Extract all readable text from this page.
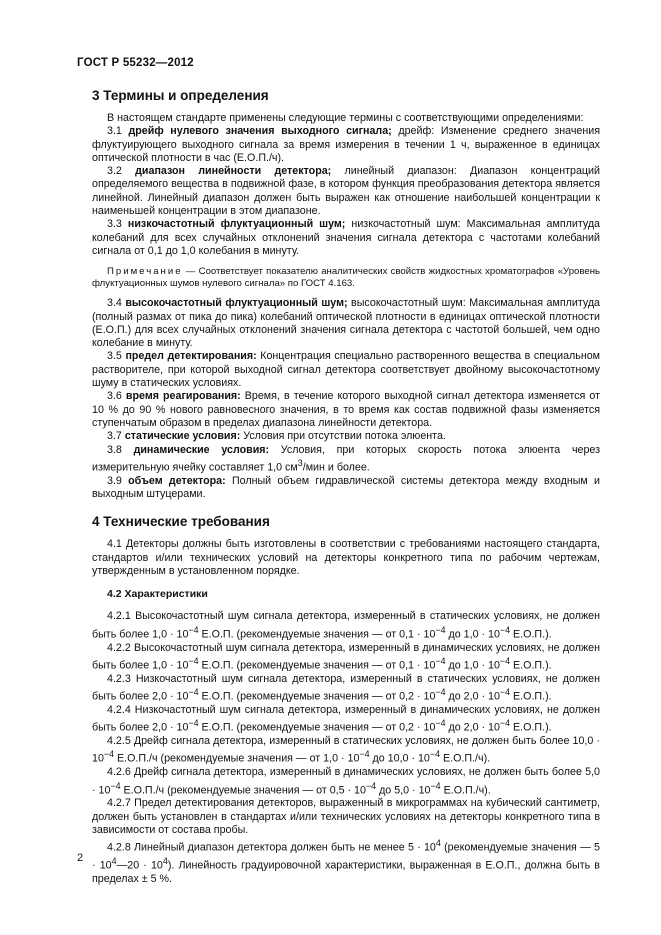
ГОСТ Р 55232—2012
3 Термины и определения

В настоящем стандарте применены следующие термины с соответствующими определениями:

3.1 дрейф нулевого значения выходного сигнала; дрейф: Изменение среднего значения флуктуирующего выходного сигнала за время измерения в течении 1 ч, выраженное в единицах оптической плотности в час (Е.О.П./ч).

3.2 диапазон линейности детектора; линейный диапазон: Диапазон концентраций определяемого вещества в подвижной фазе, в котором функция преобразования детектора является линейной. Линейный диапазон должен быть выражен как отношение наибольшей концентрации к наименьшей концентрации в этом диапазоне.

3.3 низкочастотный флуктуационный шум; низкочастотный шум: Максимальная амплитуда колебаний для всех случайных отклонений значения сигнала детектора с частотами колебаний сигнала от 0,1 до 1,0 колебания в минуту.

Примечание — Соответствует показателю аналитических свойств жидкостных хроматографов «Уровень флуктуационных шумов нулевого сигнала» по ГОСТ 4.163.

3.4 высокочастотный флуктуационный шум; высокочастотный шум: Максимальная амплитуда (полный размах от пика до пика) колебаний оптической плотности в единицах оптической плотности (Е.О.П.) для всех случайных отклонений значения сигнала детектора с частотой большей, чем одно колебание в минуту.

3.5 предел детектирования: Концентрация специально растворенного вещества в специальном растворителе, при которой выходной сигнал детектора соответствует двойному высокочастотному шуму в статических условиях.

3.6 время реагирования: Время, в течение которого выходной сигнал детектора изменяется от 10 % до 90 % нового равновесного значения, в то время как состав подвижной фазы изменяется ступенчатым образом в пределах диапазона линейности детектора.

3.7 статические условия: Условия при отсутствии потока элюента.

3.8 динамические условия: Условия, при которых скорость потока элюента через измерительную ячейку составляет 1,0 $см^3$/мин и более.

3.9 объем детектора: Полный объем гидравлической системы детектора между входным и выходным штуцерами.

4 Технические требования

4.1 Детекторы должны быть изготовлены в соответствии с требованиями настоящего стандарта, стандартов и/или технических условий на детекторы конкретного типа по рабочим чертежам, утвержденным в установленном порядке.

4.2 Характеристики

4.2.1 Высокочастотный шум сигнала детектора, измеренный в статических условиях, не должен быть более $1,0 \cdot 10^{-4}$ Е.О.П. (рекомендуемые значения — от $0,1 \cdot 10^{-4}$ до $1,0 \cdot 10^{-4}$ Е.О.П.).

4.2.2 Высокочастотный шум сигнала детектора, измеренный в динамических условиях, не должен быть более $1,0 \cdot 10^{-4}$ Е.О.П. (рекомендуемые значения — от $0,1 \cdot 10^{-4}$ до $1,0 \cdot 10^{-4}$ Е.О.П.).

4.2.3 Низкочастотный шум сигнала детектора, измеренный в статических условиях, не должен быть более $2,0 \cdot 10^{-4}$ Е.О.П. (рекомендуемые значения — от $0,2 \cdot 10^{-4}$ до $2,0 \cdot 10^{-4}$ Е.О.П.).

4.2.4 Низкочастотный шум сигнала детектора, измеренный в динамических условиях, не должен быть более $2,0 \cdot 10^{-4}$ Е.О.П. (рекомендуемые значения — от $0,2 \cdot 10^{-4}$ до $2,0 \cdot 10^{-4}$ Е.О.П.).

4.2.5 Дрейф сигнала детектора, измеренный в статических условиях, не должен быть более $10,0 \cdot 10^{-4}$ Е.О.П./ч (рекомендуемые значения — от $1,0 \cdot 10^{-4}$ до $10,0 \cdot 10^{-4}$ Е.О.П./ч).

4.2.6 Дрейф сигнала детектора, измеренный в динамических условиях, не должен быть более $5,0 \cdot 10^{-4}$ Е.О.П./ч (рекомендуемые значения — от $0,5 \cdot 10^{-4}$ до $5,0 \cdot 10^{-4}$ Е.О.П./ч).

4.2.7 Предел детектирования детекторов, выраженный в микрограммах на кубический сантиметр, должен быть установлен в стандартах и/или технических условиях на детекторы конкретного типа в зависимости от состава пробы.

4.2.8 Линейный диапазон детектора должен быть не менее $5 \cdot 10^4$ (рекомендуемые значения — $5 \cdot 10^4—20 \cdot 10^4$). Линейность градуировочной характеристики, выраженная в Е.О.П., должна быть в пределах ± 5 %.

2
